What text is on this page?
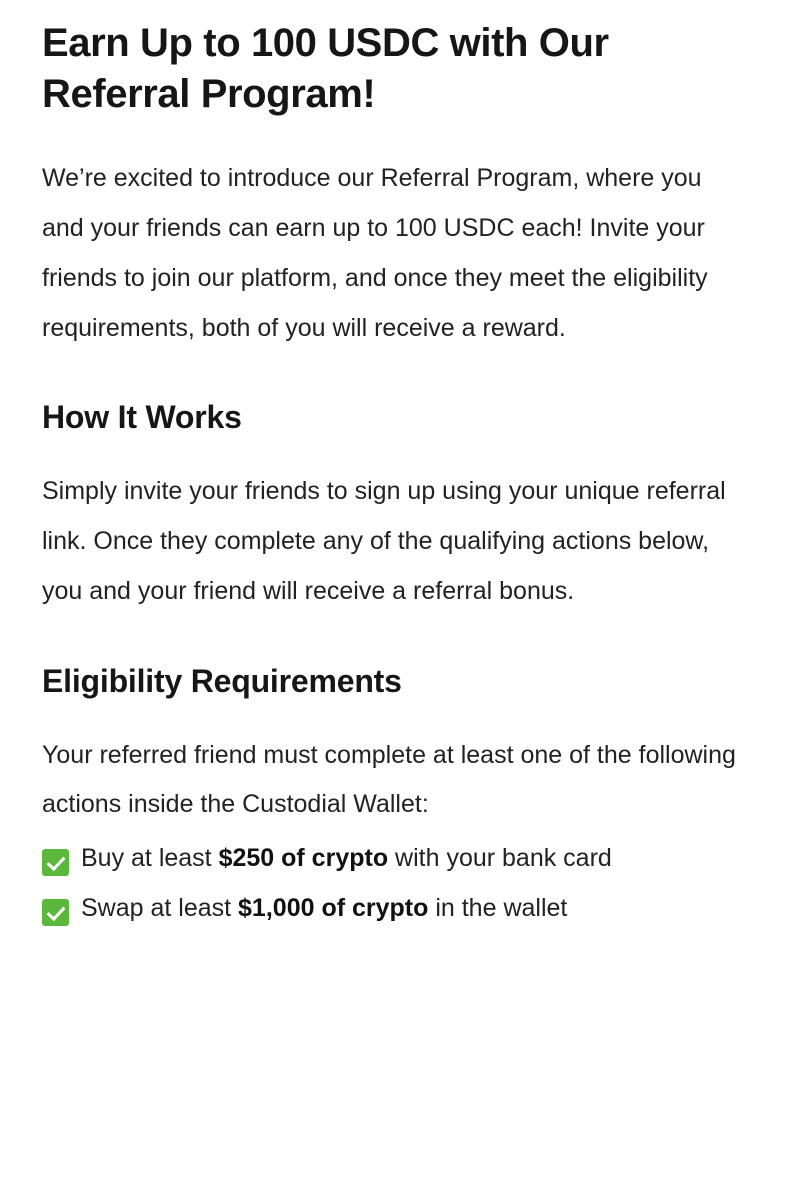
Earn Up to 100 USDC with Our Referral Program!

We’re excited to introduce our Referral Program, where you and your friends can earn up to 100 USDC each! Invite your friends to join our platform, and once they meet the eligibility requirements, both of you will receive a reward.

How It Works

Simply invite your friends to sign up using your unique referral link. Once they complete any of the qualifying actions below, you and your friend will receive a referral bonus.

Eligibility Requirements

Your referred friend must complete at least one of the following actions inside the Custodial Wallet:

Buy at least $250 of crypto with your bank card
Swap at least $1,000 of crypto in the wallet
